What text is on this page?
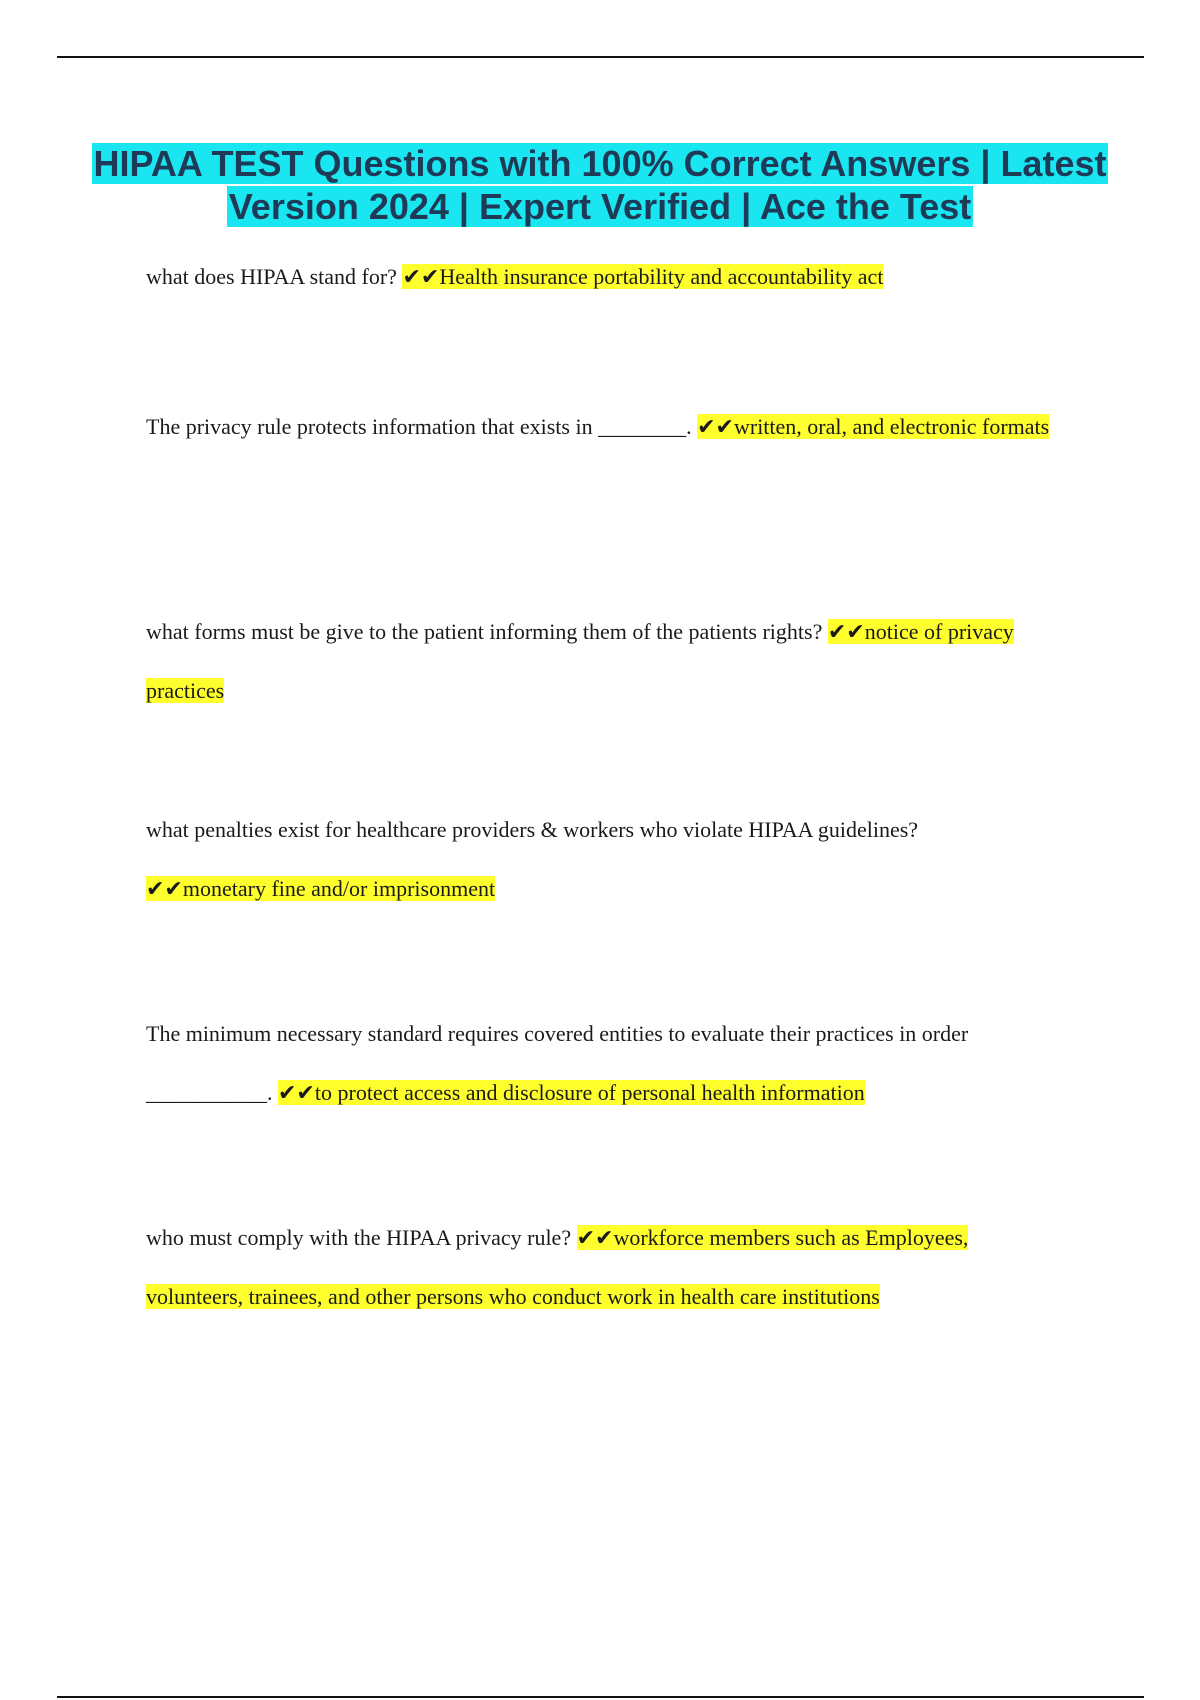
HIPAA TEST Questions with 100% Correct Answers | Latest Version 2024 | Expert Verified | Ace the Test
what does HIPAA stand for? ✔✔Health insurance portability and accountability act
The privacy rule protects information that exists in ________. ✔✔written, oral, and electronic formats
what forms must be give to the patient informing them of the patients rights? ✔✔notice of privacy practices
what penalties exist for healthcare providers & workers who violate HIPAA guidelines? ✔✔monetary fine and/or imprisonment
The minimum necessary standard requires covered entities to evaluate their practices in order ___________. ✔✔to protect access and disclosure of personal health information
who must comply with the HIPAA privacy rule? ✔✔workforce members such as Employees, volunteers, trainees, and other persons who conduct work in health care institutions
